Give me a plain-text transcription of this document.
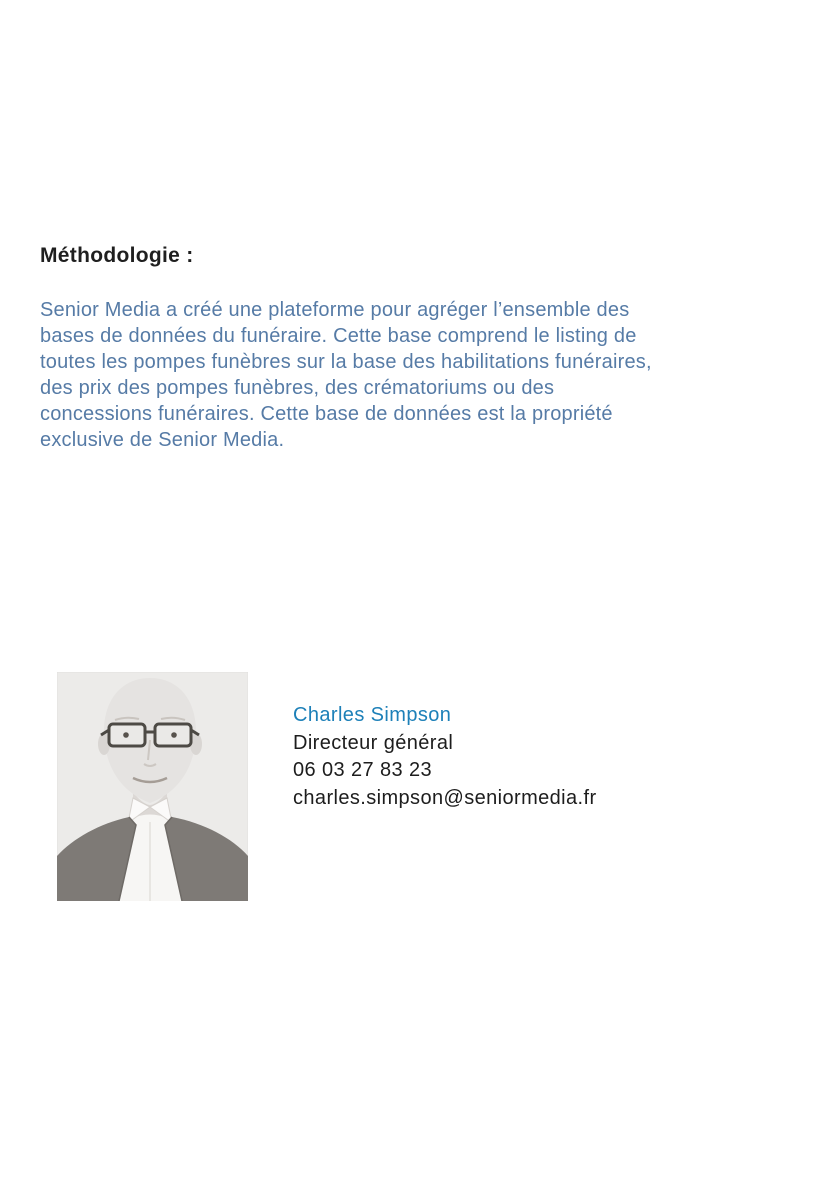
Méthodologie :
Senior Media a créé une plateforme pour agréger l’ensemble des
bases de données du funéraire. Cette base comprend le listing de
toutes les pompes funèbres sur la base des habilitations funéraires,
des prix des pompes funèbres, des crématoriums ou des
concessions funéraires. Cette base de données est la propriété
exclusive de Senior Media.
Charles Simpson
Directeur général
06 03 27 83 23
charles.simpson@seniormedia.fr
